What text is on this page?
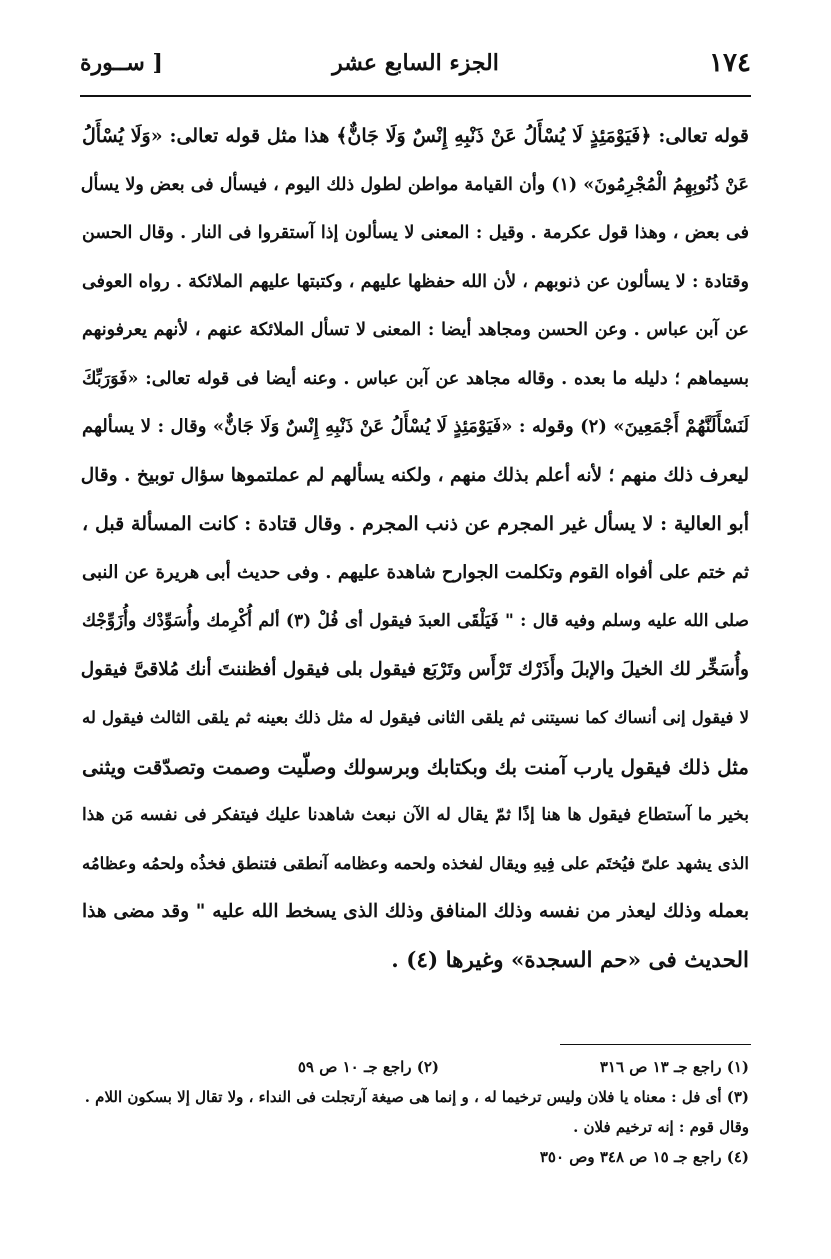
١٧٤
الجزء السابع عشر
[ ســورة

قوله تعالى: ﴿فَيَوْمَئِذٍ لَا يُسْأَلُ عَنْ ذَنْبِهِ إِنْسٌ وَلَا جَانٌّ﴾ هذا مثل قوله تعالى: «وَلَا يُسْأَلُ

عَنْ ذُنُوبِهِمُ الْمُجْرِمُونَ» (١) وأن القيامة مواطن لطول ذلك اليوم ، فيسأل فى بعض ولا يسأل

فى بعض ، وهذا قول عكرمة . وقيل : المعنى لا يسألون إذا آستقروا فى النار . وقال الحسن

وقتادة : لا يسألون عن ذنوبهم ، لأن الله حفظها عليهم ، وكتبتها عليهم الملائكة . رواه العوفى

عن آبن عباس . وعن الحسن ومجاهد أيضا : المعنى لا تسأل الملائكة عنهم ، لأنهم يعرفونهم

بسيماهم ؛ دليله ما بعده . وقاله مجاهد عن آبن عباس . وعنه أيضا فى قوله تعالى: «فَوَرَبِّكَ

لَنَسْأَلَنَّهُمْ أَجْمَعِينَ» (٢) وقوله : «فَيَوْمَئِذٍ لَا يُسْأَلُ عَنْ ذَنْبِهِ إِنْسٌ وَلَا جَانٌّ» وقال : لا يسألهم

ليعرف ذلك منهم ؛ لأنه أعلم بذلك منهم ، ولكنه يسألهم لم عملتموها سؤال توبيخ . وقال

أبو العالية : لا يسأل غير المجرم عن ذنب المجرم . وقال قتادة : كانت المسألة قبل ،

ثم ختم على أفواه القوم وتكلمت الجوارح شاهدة عليهم . وفى حديث أبى هريرة عن النبى

صلى الله عليه وسلم وفيه قال : " فَيَلْقَى العبدَ فيقول أى فُلْ (٣) ألم أُكْرِمك وأُسَوِّدْك وأُزَوِّجْك

وأُسَخِّر لك الخيلَ والإبلَ وأَذَرْك تَرْأَس وتَرْبَع فيقول بلى فيقول أفظننتَ أنك مُلاقىَّ فيقول

لا فيقول إنى أنساك كما نسيتنى ثم يلقى الثانى فيقول له مثل ذلك بعينه ثم يلقى الثالث فيقول له

مثل ذلك فيقول يارب آمنت بك وبكتابك وبرسولك وصلّيت وصمت وتصدّقت ويثنى

بخير ما آستطاع فيقول ها هنا إذًا ثمّ يقال له الآن نبعث شاهدنا عليك فيتفكر فى نفسه مَن هذا

الذى يشهد علىّ فيُختَم على فِيهِ ويقال لفخذه ولحمه وعظامه آنطقى فتنطق فخذُه ولحمُه وعظامُه

بعمله وذلك ليعذر من نفسه وذلك المنافق وذلك الذى يسخط الله عليه " وقد مضى هذا

الحديث فى «حم السجدة» وغيرها (٤) .

(١) راجع جـ ١٣ ص ٣١٦
(٢) راجع جـ ١٠ ص ٥٩
(٣) أى فل : معناه يا فلان وليس ترخيما له ، و إنما هى صيغة آرتجلت فى النداء ، ولا تقال إلا بسكون اللام .
وقال قوم : إنه ترخيم فلان .
(٤) راجع جـ ١٥ ص ٣٤٨ وص ٣٥٠
